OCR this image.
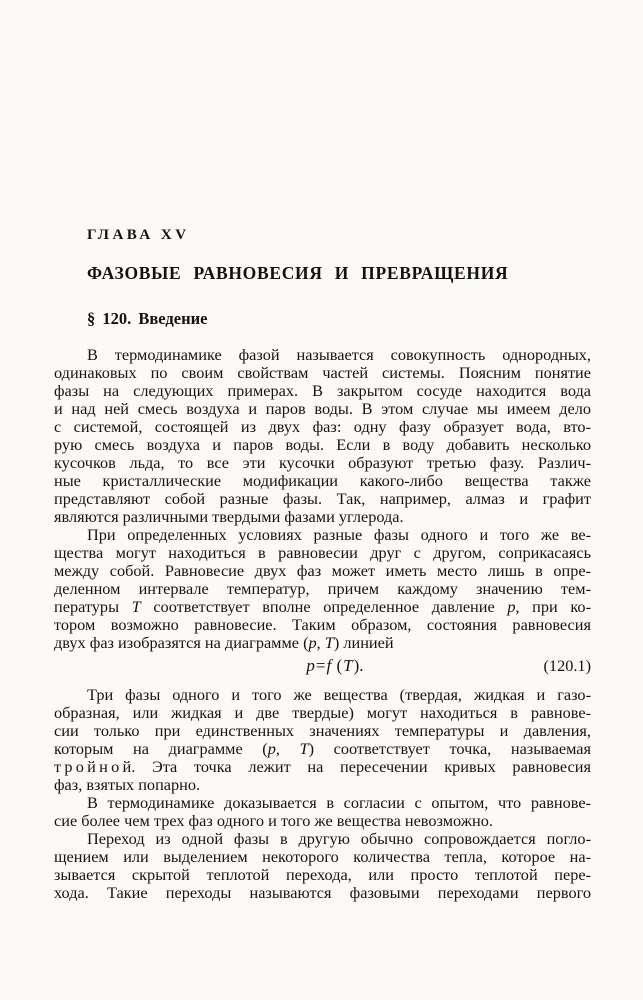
ГЛАВА XV
ФАЗОВЫЕ РАВНОВЕСИЯ И ПРЕВРАЩЕНИЯ
§ 120. Введение
В термодинамике фазой называется совокупность однородных,
одинаковых по своим свойствам частей системы. Поясним понятие
фазы на следующих примерах. В закрытом сосуде находится вода
и над ней смесь воздуха и паров воды. В этом случае мы имеем дело
с системой, состоящей из двух фаз: одну фазу образует вода, вто-
рую смесь воздуха и паров воды. Если в воду добавить несколько
кусочков льда, то все эти кусочки образуют третью фазу. Различ-
ные кристаллические модификации какого-либо вещества также
представляют собой разные фазы. Так, например, алмаз и графит
являются различными твердыми фазами углерода.
При определенных условиях разные фазы одного и того же ве-
щества могут находиться в равновесии друг с другом, соприкасаясь
между собой. Равновесие двух фаз может иметь место лишь в опре-
деленном интервале температур, причем каждому значению тем-
пературы T соответствует вполне определенное давление p, при ко-
тором возможно равновесие. Таким образом, состояния равновесия
двух фаз изобразятся на диаграмме (p, T) линией
p=f (T).	(120.1)
Три фазы одного и того же вещества (твердая, жидкая и газо-
образная, или жидкая и две твердые) могут находиться в равнове-
сии только при единственных значениях температуры и давления,
которым на диаграмме (p, T) соответствует точка, называемая
т р о й н о й. Эта точка лежит на пересечении кривых равновесия
фаз, взятых попарно.
В термодинамике доказывается в согласии с опытом, что равнове-
сие более чем трех фаз одного и того же вещества невозможно.
Переход из одной фазы в другую обычно сопровождается погло-
щением или выделением некоторого количества тепла, которое на-
зывается скрытой теплотой перехода, или просто теплотой пере-
хода. Такие переходы называются фазовыми переходами первого
